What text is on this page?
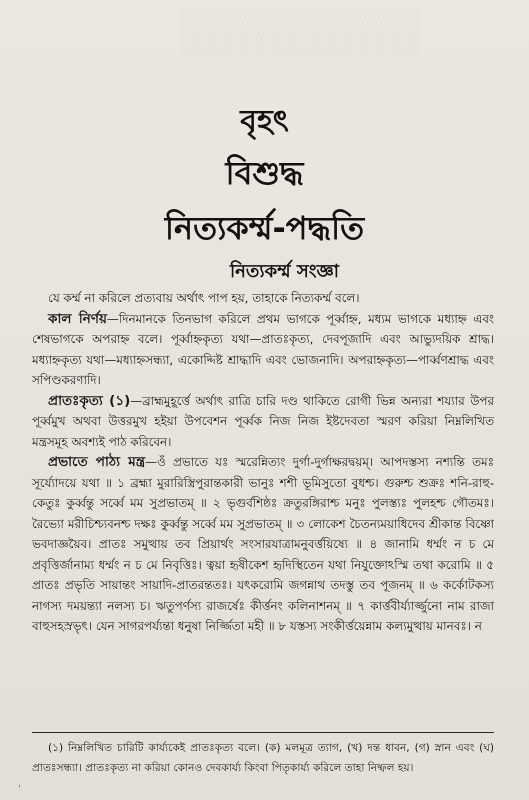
░░░░░░░░░░░░░░░░░░░░░░░░░░
░░░░░░░░░░░░░░░░░░░░░░░░░░
░░░░░░░░░░░░░░░░░░░░░░░░░░
বৃহৎ
বিশুদ্ধ
নিত্যকর্ম্ম-পদ্ধতি
নিত্যকর্ম্ম সংজ্ঞা

যে কর্ম্ম না করিলে প্রত্যবায় অর্থাৎ পাপ হয়, তাহাকে নিত্যকর্ম্ম বলে।

কাল নির্ণয়—দিনমানকে তিনভাগ করিলে প্রথম ভাগকে পূর্ব্বাহ্ন, মধ্যম ভাগকে মধ্যাহ্ন এবং শেষভাগকে অপরাহ্ন বলে। পূর্ব্বাহ্নকৃত্য যথা—প্রাতঃকৃত্য, দেবপূজাদি এবং আভ্যুদয়িক শ্রাদ্ধ। মধ্যাহ্নকৃত্য যথা—মধ্যাহ্নসন্ধ্যা, একোদ্দিষ্ট শ্রাদ্ধাদি এবং ভোজনাদি। অপরাহ্নকৃত্য—পার্ব্বণশ্রাদ্ধ এবং সপিণ্ডকরণাদি।

প্রাতঃকৃত্য (১)—ব্রাহ্মমুহূর্ত্তে অর্থাৎ রাত্রি চারি দণ্ড থাকিতে রোগী ভিন্ন অন্যরা শয্যার উপর পূর্ব্বমুখ অথবা উত্তরমুখ হইয়া উপবেশন পূর্ব্বক নিজ নিজ ইষ্টদেবতা স্মরণ করিয়া নিম্নলিখিত মন্ত্রসমূহ অবশ্যই পাঠ করিবেন।

প্রভাতে পাঠ্য মন্ত্র—ওঁ প্রভাতে যঃ স্মরেন্নিত্যং দুর্গা-দুর্গাক্ষরদ্বয়ম্। আপদস্তস্য নশ্যন্তি তমঃ সূর্য্যোদয়ে যথা ॥ ১ ব্রহ্মা মুরারিস্ত্রিপুরান্তকারী ভানুঃ শশী ভূমিসুতো বুধশ্চ। গুরুশ্চ শুক্রঃ শনি-রাহু-কেতুঃ কুর্ব্বন্তু সর্ব্বে মম সুপ্রভাতম্ ॥ ২ ভৃগুর্বশিষ্ঠঃ ক্রতুরঙ্গিরাশ্চ মনুঃ পুলস্ত্যঃ পুলহশ্চ গৌতমঃ। রৈভ্যো মরীচিশ্চ্যবনশ্চ দক্ষঃ কুর্ব্বন্তু সর্ব্বে মম সুপ্রভাতম্ ॥ ৩ লোকেশ চৈতন্যময়াধিদেব শ্রীকান্ত বিষ্ণো ভবদাজ্ঞয়ৈব। প্রাতঃ সমুত্থায় তব প্রিয়ার্থং সংসারযাত্রামনুবর্ত্তয়িষ্যে ॥ ৪ জানামি ধর্ম্মং ন চ মে প্রবৃত্তির্জানাম্য ধর্ম্মং ন চ মে নিবৃত্তিঃ। ত্বয়া হৃষীকেশ হৃদিস্থিতেন যথা নিযুক্তোঽস্মি তথা করোমি ॥ ৫ প্রাতঃ প্রভৃতি সায়ান্তং সায়াদি-প্রাতরন্ততঃ। যৎকরোমি জগন্নাথ তদস্তু তব পূজনম্ ॥ ৬ কর্কোটকস্য নাগস্য দময়ন্ত্যা নলস্য চ। ঋতুপর্ণস্য রাজর্ষেঃ কীর্ত্তনং কলিনাশনম্ ॥ ৭ কার্ত্তবীর্য্যার্জ্জুনো নাম রাজা বাহুসহস্রভৃৎ। যেন সাগরপর্য্যন্তা ধনুষা নির্জ্জিতা মহী ॥ ৮ যস্তস্য সংকীর্ত্তয়েন্নাম কল্যমুত্থায় মানবঃ। ন

(১) নিম্নলিখিত চারিটি কার্য্যকেই প্রাতঃকৃত্য বলে। (ক) মলমূত্র ত্যাগ, (খ) দন্ত ধাবন, (গ) স্নান এবং (ঘ) প্রাতঃসন্ধ্যা। প্রাতঃকৃত্য না করিয়া কোনও দেবকার্য্য কিংবা পিতৃকার্য্য করিলে তাহা নিষ্ফল হয়।

ˌ
